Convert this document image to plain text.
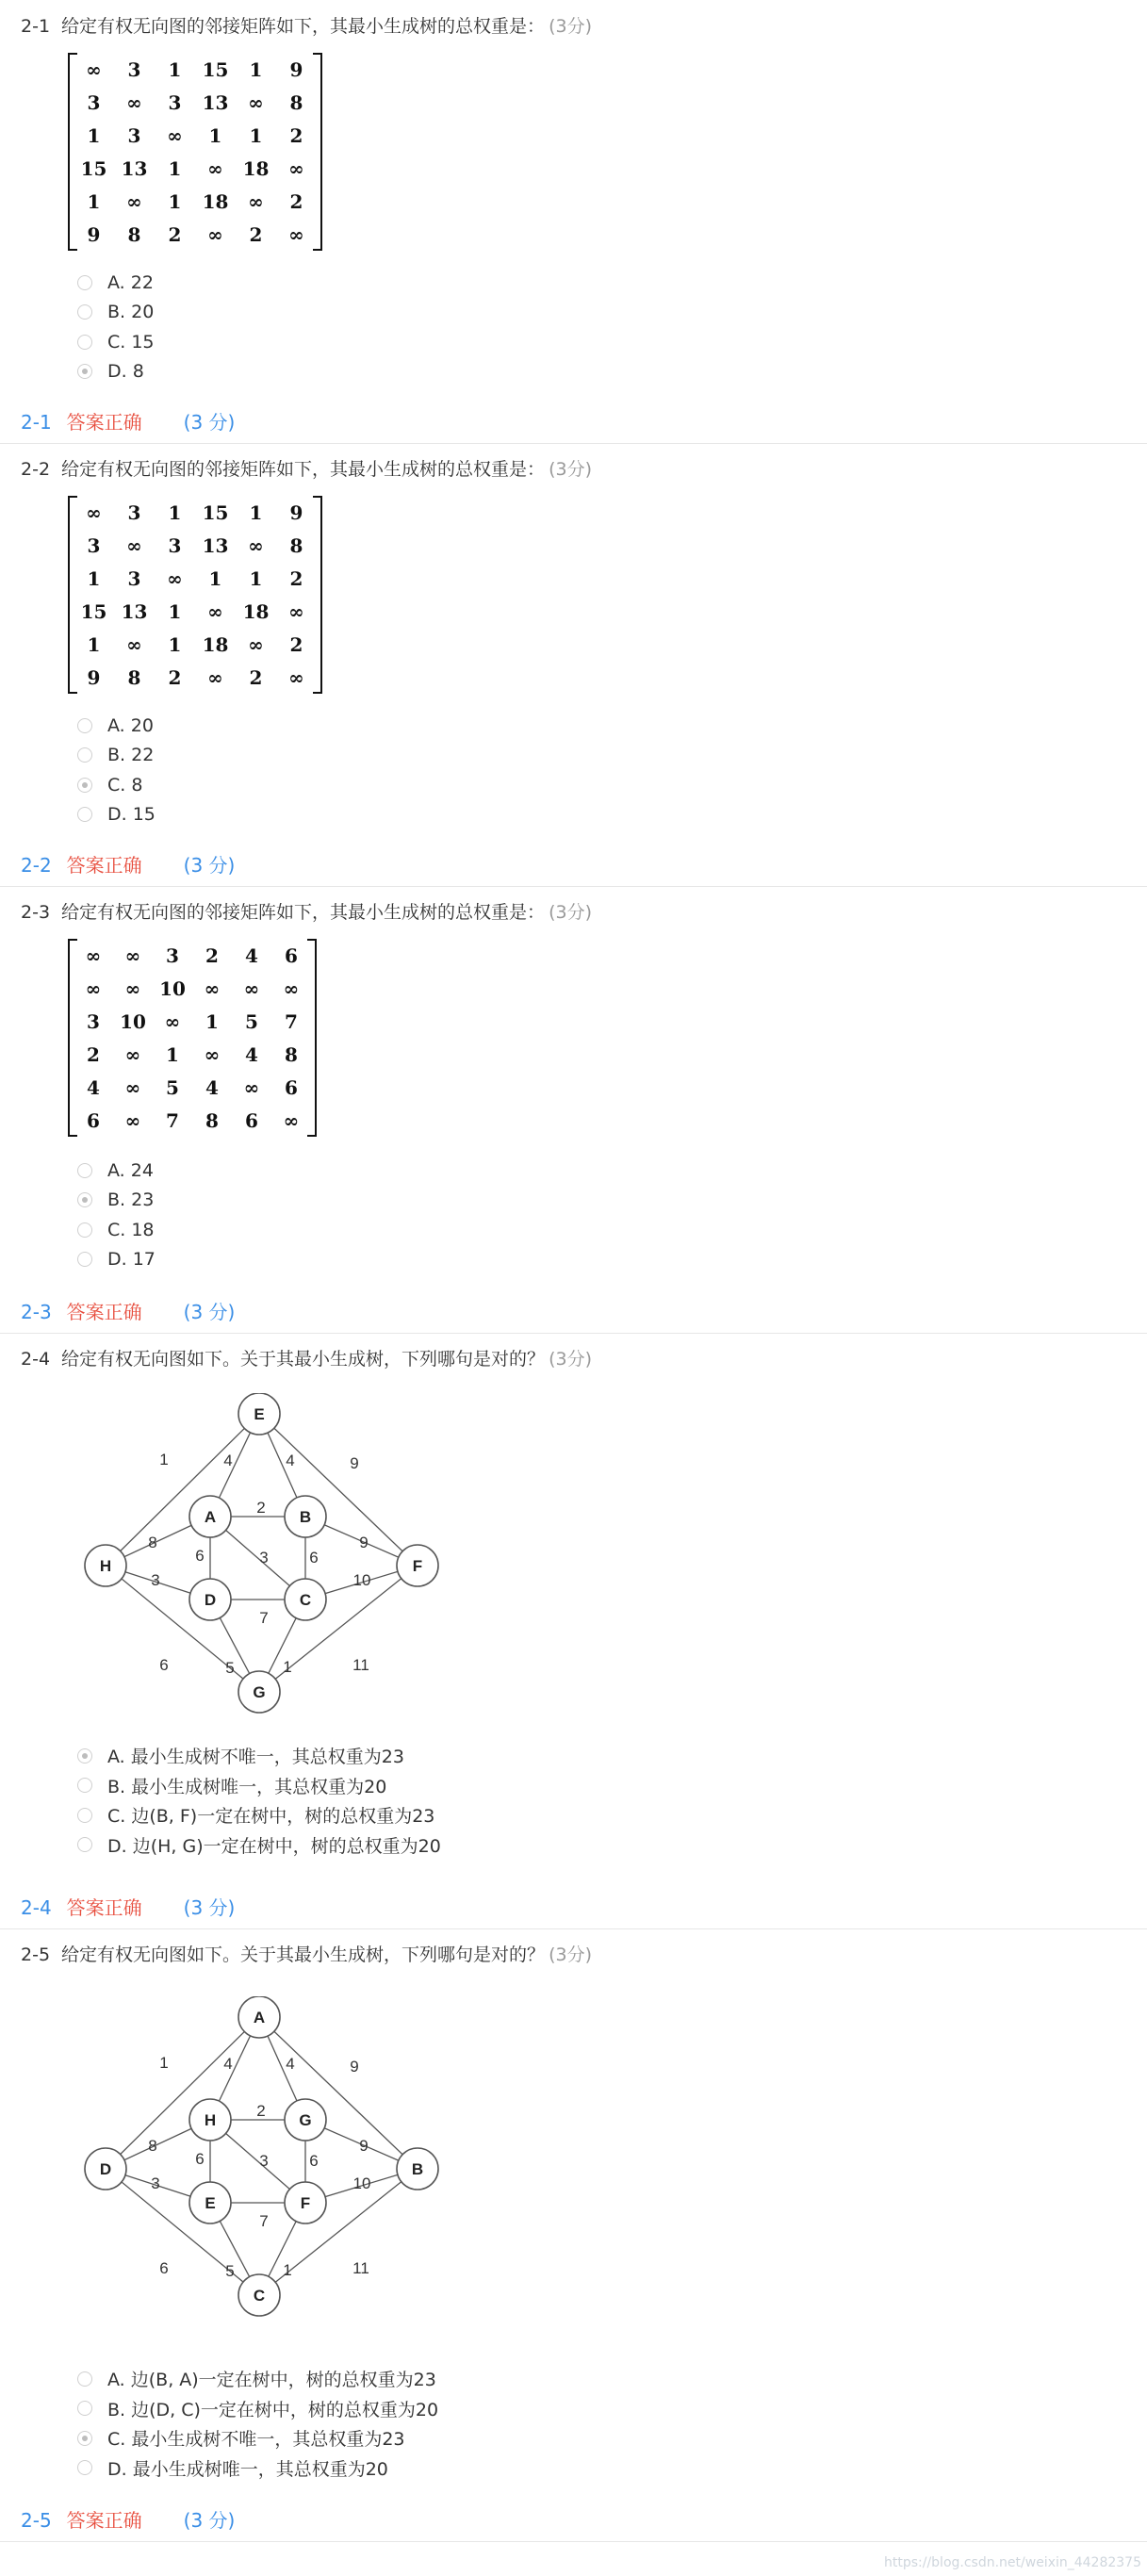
2-1 给定有权无向图的邻接矩阵如下，其最小生成树的总权重是： (3分)
∞	3	1	15	1	9
3	∞	3	13	∞	8
1	3	∞	1	1	2
15	13	1	∞	18	∞
1	∞	1	18	∞	2
9	8	2	∞	2	∞
A. 22
B. 20
C. 15
D. 8
2-1 答案正确 (3 分)
2-2 给定有权无向图的邻接矩阵如下，其最小生成树的总权重是： (3分)
∞	3	1	15	1	9
3	∞	3	13	∞	8
1	3	∞	1	1	2
15	13	1	∞	18	∞
1	∞	1	18	∞	2
9	8	2	∞	2	∞
A. 20
B. 22
C. 8
D. 15
2-2 答案正确 (3 分)
2-3 给定有权无向图的邻接矩阵如下，其最小生成树的总权重是： (3分)
∞	∞	3	2	4	6
∞	∞	10	∞	∞	∞
3	10	∞	1	5	7
2	∞	1	∞	4	8
4	∞	5	4	∞	6
6	∞	7	8	6	∞
A. 24
B. 23
C. 18
D. 17
2-3 答案正确 (3 分)
2-4 给定有权无向图如下。关于其最小生成树，下列哪句是对的？ (3分)
1	4	4	9
8
2
9
6
3
6	3
10
7
6
5	1	11
E
A	B
H
D	C
F
G
A. 最小生成树不唯一，其总权重为23
B. 最小生成树唯一，其总权重为20
C. 边(B, F)一定在树中，树的总权重为23
D. 边(H, G)一定在树中，树的总权重为20
2-4 答案正确 (3 分)
2-5 给定有权无向图如下。关于其最小生成树，下列哪句是对的？ (3分)
1	4	4	9
8
2
9
6
3
6	3
10
7
6
5	1	11
A
H	G
D
E	F
B
C
A. 边(B, A)一定在树中，树的总权重为23
B. 边(D, C)一定在树中，树的总权重为20
C. 最小生成树不唯一，其总权重为23
D. 最小生成树唯一，其总权重为20
2-5 答案正确 (3 分)
https://blog.csdn.net/weixin_44282375
